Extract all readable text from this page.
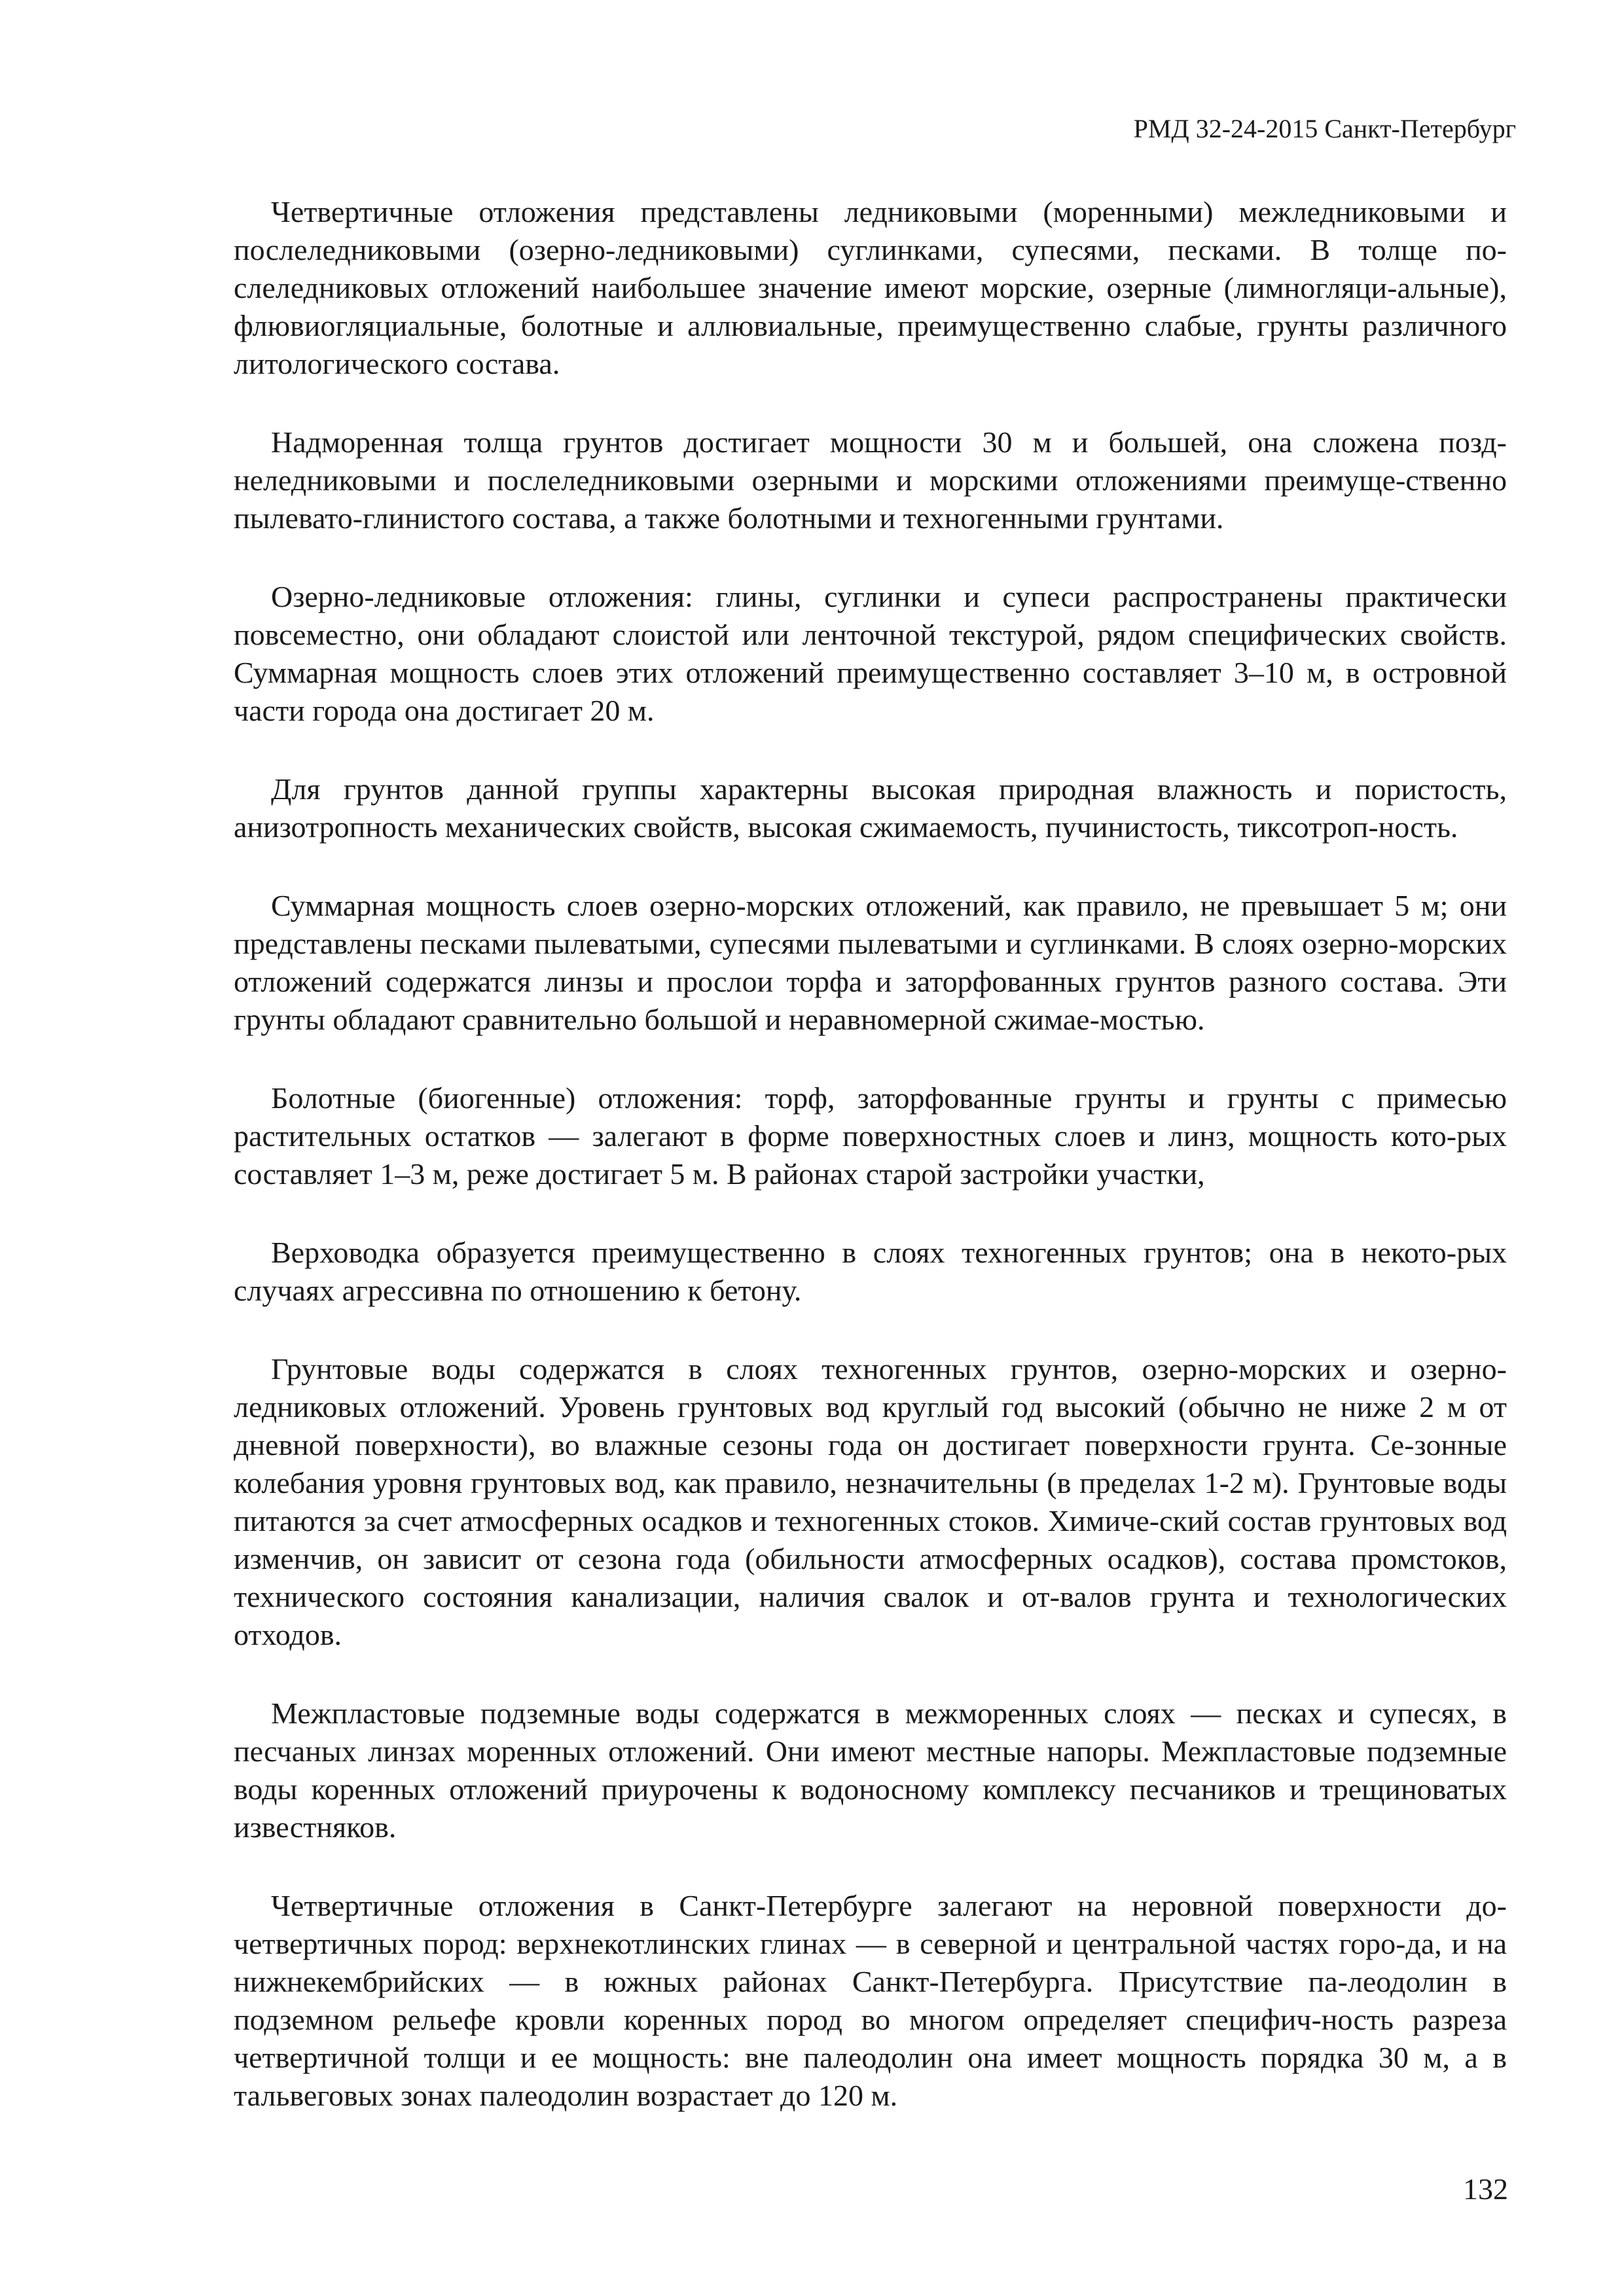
РМД 32-24-2015 Санкт-Петербург

Четвертичные отложения представлены ледниковыми (моренными) межледниковыми и послеледниковыми (озерно-ледниковыми) суглинками, супесями, песками. В толще по-слеледниковых отложений наибольшее значение имеют морские, озерные (лимногляци-альные), флювиогляциальные, болотные и аллювиальные, преимущественно слабые, грунты различного литологического состава.

Надморенная толща грунтов достигает мощности 30 м и большей, она сложена позд-неледниковыми и послеледниковыми озерными и морскими отложениями преимуще-ственно пылевато-глинистого состава, а также болотными и техногенными грунтами.

Озерно-ледниковые отложения: глины, суглинки и супеси распространены практически повсеместно, они обладают слоистой или ленточной текстурой, рядом специфических свойств. Суммарная мощность слоев этих отложений преимущественно составляет 3–10 м, в островной части города она достигает 20 м.

Для грунтов данной группы характерны высокая природная влажность и пористость, анизотропность механических свойств, высокая сжимаемость, пучинистость, тиксотроп-ность.

Суммарная мощность слоев озерно-морских отложений, как правило, не превышает 5 м; они представлены песками пылеватыми, супесями пылеватыми и суглинками. В слоях озерно-морских отложений содержатся линзы и прослои торфа и заторфованных грунтов разного состава. Эти грунты обладают сравнительно большой и неравномерной сжимае-мостью.

Болотные (биогенные) отложения: торф, заторфованные грунты и грунты с примесью растительных остатков — залегают в форме поверхностных слоев и линз, мощность кото-рых составляет 1–3 м, реже достигает 5 м. В районах старой застройки участки,

Верховодка образуется преимущественно в слоях техногенных грунтов; она в некото-рых случаях агрессивна по отношению к бетону.

Грунтовые воды содержатся в слоях техногенных грунтов, озерно-морских и озерно-ледниковых отложений. Уровень грунтовых вод круглый год высокий (обычно не ниже 2 м от дневной поверхности), во влажные сезоны года он достигает поверхности грунта. Се-зонные колебания уровня грунтовых вод, как правило, незначительны (в пределах 1-2 м). Грунтовые воды питаются за счет атмосферных осадков и техногенных стоков. Химиче-ский состав грунтовых вод изменчив, он зависит от сезона года (обильности атмосферных осадков), состава промстоков, технического состояния канализации, наличия свалок и от-валов грунта и технологических отходов.

Межпластовые подземные воды содержатся в межморенных слоях — песках и супесях, в песчаных линзах моренных отложений. Они имеют местные напоры. Межпластовые подземные воды коренных отложений приурочены к водоносному комплексу песчаников и трещиноватых известняков.

Четвертичные отложения в Санкт-Петербурге залегают на неровной поверхности до-четвертичных пород: верхнекотлинских глинах — в северной и центральной частях горо-да, и на нижнекембрийских — в южных районах Санкт-Петербурга. Присутствие па-леодолин в подземном рельефе кровли коренных пород во многом определяет специфич-ность разреза четвертичной толщи и ее мощность: вне палеодолин она имеет мощность порядка 30 м, а в тальвеговых зонах палеодолин возрастает до 120 м.

132
